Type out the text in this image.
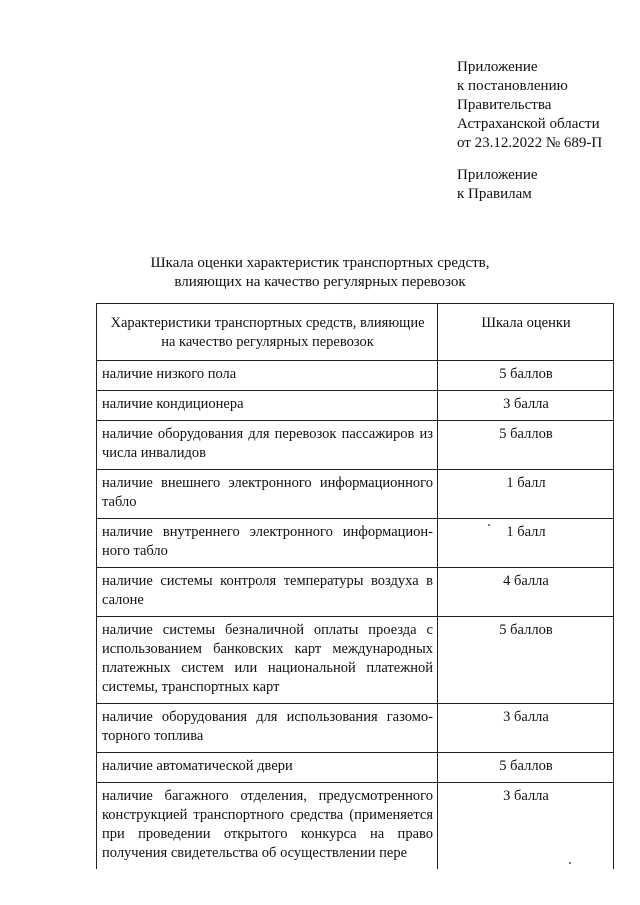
Приложение
к постановлению
Правительства
Астраханской области
от 23.12.2022 № 689-П
Приложение
к Правилам
Шкала оценки характеристик транспортных средств,
влияющих на качество регулярных перевозок
Характеристики транспортных средств, влияющие на качество регулярных перевозок	Шкала оценки
наличие низкого пола	5 баллов
наличие кондиционера	3 балла
наличие оборудования для перевозок пассажиров из числа инвалидов	5 баллов
наличие внешнего электронного информационного табло	1 балл
наличие внутреннего электронного информационного табло	1 балл
наличие системы контроля температуры воздуха в салоне	4 балла
наличие системы безналичной оплаты проезда с использованием банковских карт международных платежных систем или национальной платежной системы, транспортных карт	5 баллов
наличие оборудования для использования газомоторного топлива	3 балла
наличие автоматической двери	5 баллов
наличие багажного отделения, предусмотренного конструкцией транспортного средства (применяется при проведении открытого конкурса на право получения свидетельства об осуществлении пере	3 балла
